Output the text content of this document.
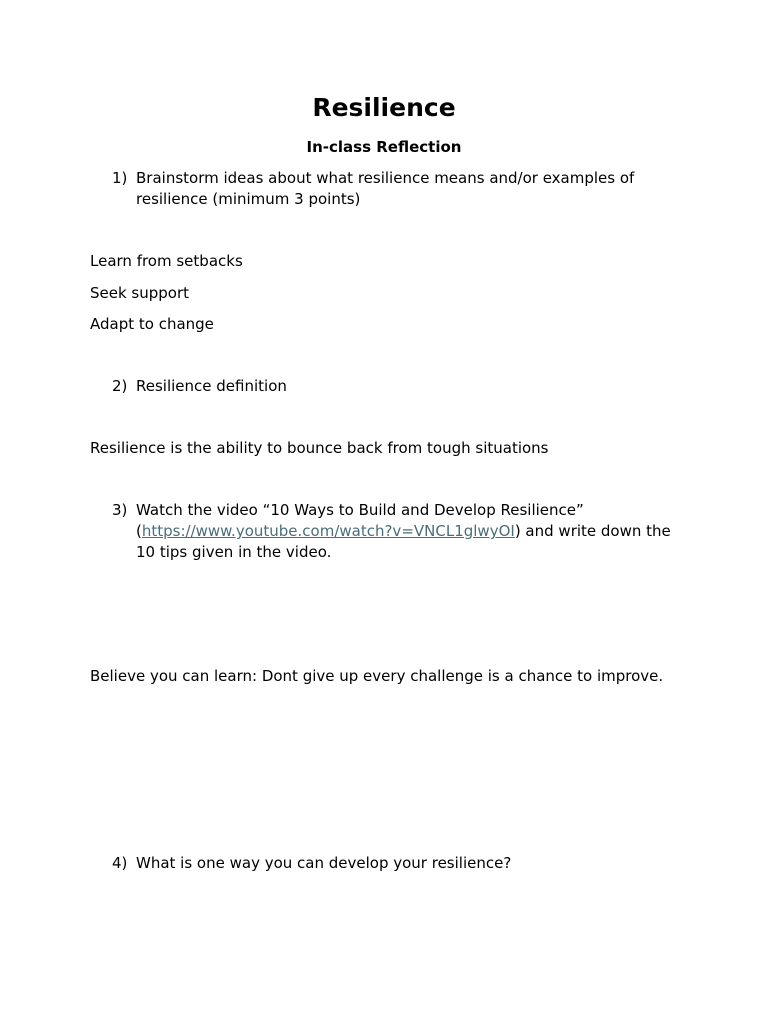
Resilience
In-class Reflection
1) Brainstorm ideas about what resilience means and/or examples of resilience (minimum 3 points)
Learn from setbacks
Seek support
Adapt to change
2) Resilience definition
Resilience is the ability to bounce back from tough situations
3) Watch the video “10 Ways to Build and Develop Resilience”
(https://www.youtube.com/watch?v=VNCL1glwyOI) and write down the
10 tips given in the video.
Believe you can learn: Dont give up every challenge is a chance to improve.
4) What is one way you can develop your resilience?
